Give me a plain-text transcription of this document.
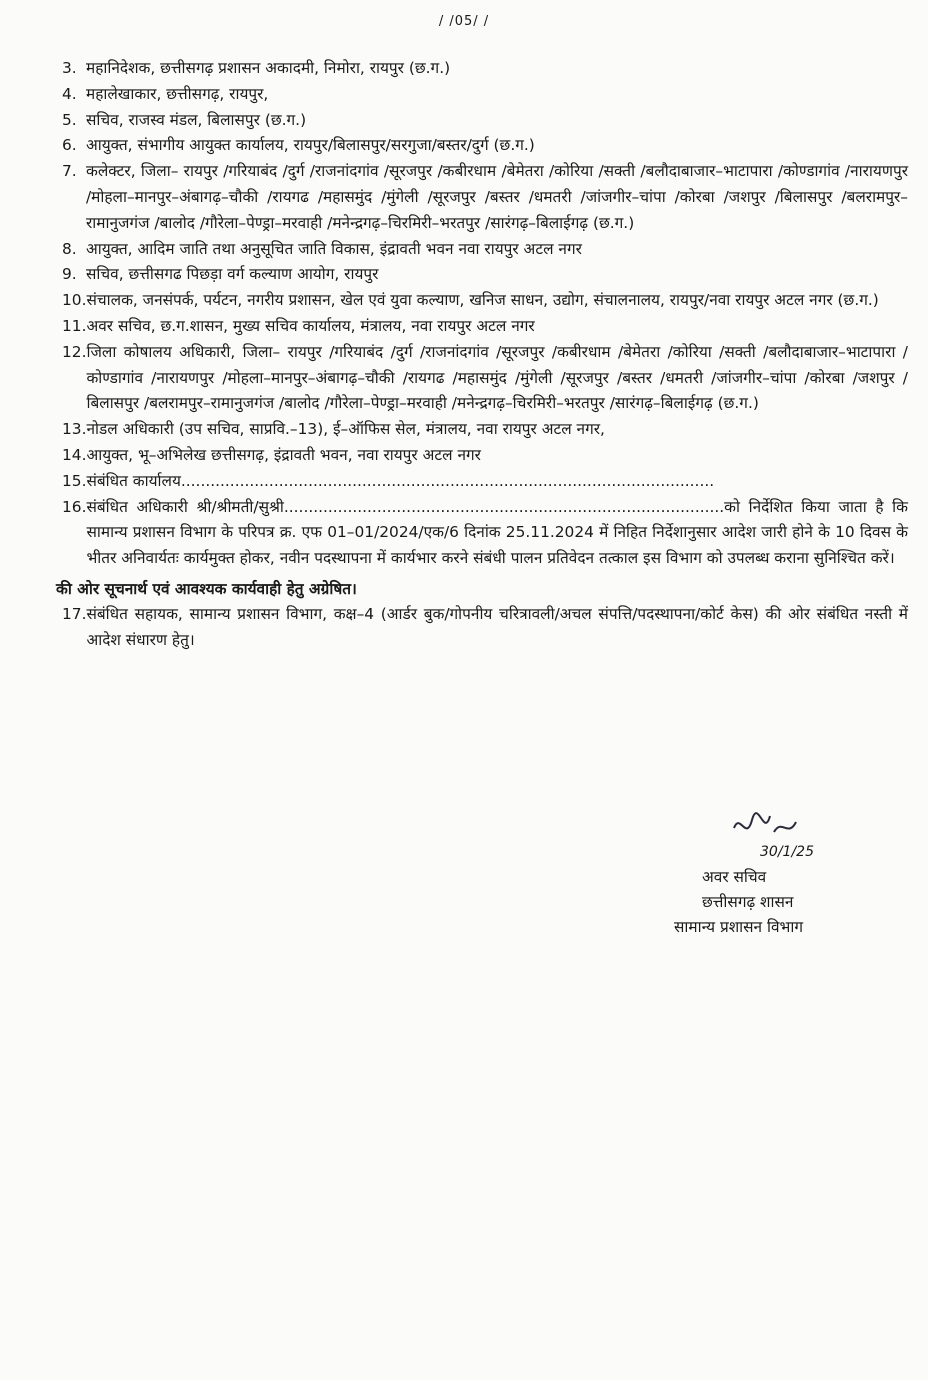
/ /05/ /
3. महानिदेशक, छत्तीसगढ़ प्रशासन अकादमी, निमोरा, रायपुर (छ.ग.)
4. महालेखाकार, छत्तीसगढ़, रायपुर,
5. सचिव, राजस्व मंडल, बिलासपुर (छ.ग.)
6. आयुक्त, संभागीय आयुक्त कार्यालय, रायपुर/बिलासपुर/सरगुजा/बस्तर/दुर्ग (छ.ग.)
7. कलेक्टर, जिला– रायपुर /गरियाबंद /दुर्ग /राजनांदगांव /सूरजपुर /कबीरधाम /बेमेतरा /कोरिया /सक्ती /बलौदाबाजार–भाटापारा /कोण्डागांव /नारायणपुर /मोहला–मानपुर–अंबागढ़–चौकी /रायगढ /महासमुंद /मुंगेली /सूरजपुर /बस्तर /धमतरी /जांजगीर–चांपा /कोरबा /जशपुर /बिलासपुर /बलरामपुर–रामानुजगंज /बालोद /गौरेला–पेण्ड्रा–मरवाही /मनेन्द्रगढ़–चिरमिरी–भरतपुर /सारंगढ़–बिलाईगढ़ (छ.ग.)
8. आयुक्त, आदिम जाति तथा अनुसूचित जाति विकास, इंद्रावती भवन नवा रायपुर अटल नगर
9. सचिव, छत्तीसगढ पिछड़ा वर्ग कल्याण आयोग, रायपुर
10. संचालक, जनसंपर्क, पर्यटन, नगरीय प्रशासन, खेल एवं युवा कल्याण, खनिज साधन, उद्योग, संचालनालय, रायपुर/नवा रायपुर अटल नगर (छ.ग.)
11. अवर सचिव, छ.ग.शासन, मुख्य सचिव कार्यालय, मंत्रालय, नवा रायपुर अटल नगर
12. जिला कोषालय अधिकारी, जिला– रायपुर /गरियाबंद /दुर्ग /राजनांदगांव /सूरजपुर /कबीरधाम /बेमेतरा /कोरिया /सक्ती /बलौदाबाजार–भाटापारा /कोण्डागांव /नारायणपुर /मोहला–मानपुर–अंबागढ़–चौकी /रायगढ /महासमुंद /मुंगेली /सूरजपुर /बस्तर /धमतरी /जांजगीर–चांपा /कोरबा /जशपुर /बिलासपुर /बलरामपुर–रामानुजगंज /बालोद /गौरेला–पेण्ड्रा–मरवाही /मनेन्द्रगढ़–चिरमिरी–भरतपुर /सारंगढ़–बिलाईगढ़ (छ.ग.)
13. नोडल अधिकारी (उप सचिव, साप्रवि.–13), ई–ऑफिस सेल, मंत्रालय, नवा रायपुर अटल नगर,
14. आयुक्त, भू–अभिलेख छत्तीसगढ़, इंद्रावती भवन, नवा रायपुर अटल नगर
15. संबंधित कार्यालय.............................................................................................................
16. संबंधित अधिकारी श्री/श्रीमती/सुश्री..........................................................................................को निर्देशित किया जाता है कि सामान्य प्रशासन विभाग के परिपत्र क्र. एफ 01–01/2024/एक/6 दिनांक 25.11.2024 में निहित निर्देशानुसार आदेश जारी होने के 10 दिवस के भीतर अनिवार्यतः कार्यमुक्त होकर, नवीन पदस्थापना में कार्यभार करने संबंधी पालन प्रतिवेदन तत्काल इस विभाग को उपलब्ध कराना सुनिश्चित करें।
की ओर सूचनार्थ एवं आवश्यक कार्यवाही हेतु अग्रेषित।
17. संबंधित सहायक, सामान्य प्रशासन विभाग, कक्ष–4 (आर्डर बुक/गोपनीय चरित्रावली/अचल संपत्ति/पदस्थापना/कोर्ट केस) की ओर संबंधित नस्ती में आदेश संधारण हेतु।
30/1/25
अवर सचिव
छत्तीसगढ़ शासन
सामान्य प्रशासन विभाग
